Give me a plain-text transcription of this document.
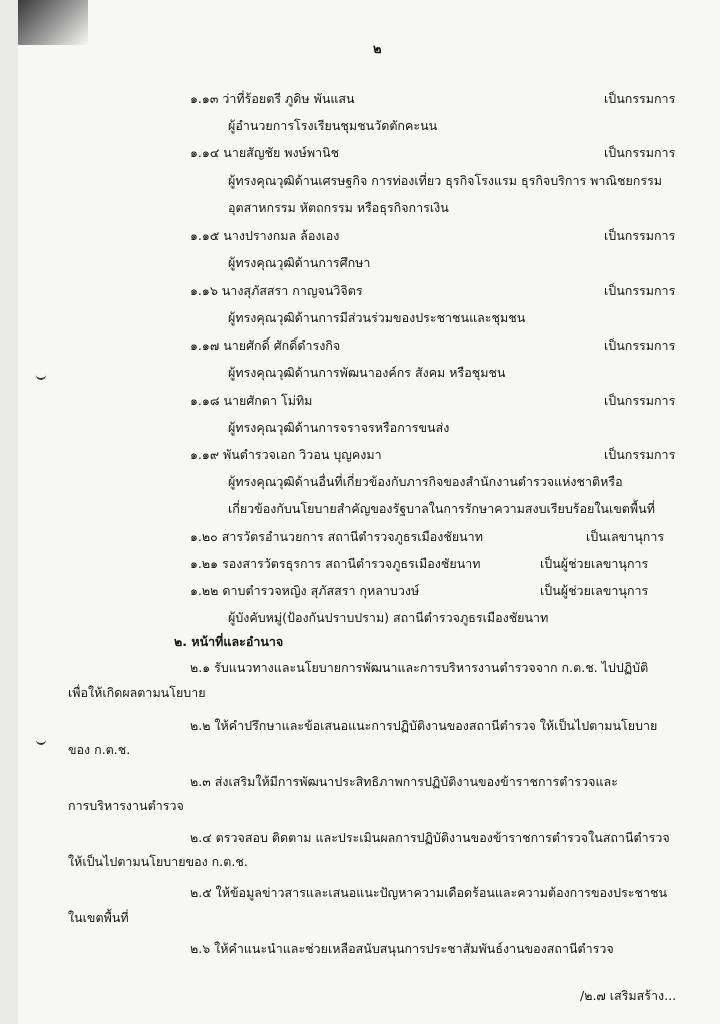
๒
๑.๑๓ ว่าที่ร้อยตรี ภูดิษ พันแสน	เป็นกรรมการ
ผู้อำนวยการโรงเรียนชุมชนวัดตักคะนน
๑.๑๔ นายสัญชัย พงษ์พานิช	เป็นกรรมการ
ผู้ทรงคุณวุฒิด้านเศรษฐกิจ การท่องเที่ยว ธุรกิจโรงแรม ธุรกิจบริการ พาณิชยกรรม
อุตสาหกรรม หัตถกรรม หรือธุรกิจการเงิน
๑.๑๕ นางปรางกมล ล้องเอง	เป็นกรรมการ
ผู้ทรงคุณวุฒิด้านการศึกษา
๑.๑๖ นางสุภัสสรา กาญจนวิจิตร	เป็นกรรมการ
ผู้ทรงคุณวุฒิด้านการมีส่วนร่วมของประชาชนและชุมชน
๑.๑๗ นายศักดิ์ ศักดิ์ดำรงกิจ	เป็นกรรมการ
ผู้ทรงคุณวุฒิด้านการพัฒนาองค์กร สังคม หรือชุมชน
๑.๑๘ นายศักดา โม่ทิม	เป็นกรรมการ
ผู้ทรงคุณวุฒิด้านการจราจรหรือการขนส่ง
๑.๑๙ พันตำรวจเอก วิวอน บุญคงมา	เป็นกรรมการ
ผู้ทรงคุณวุฒิด้านอื่นที่เกี่ยวข้องกับภารกิจของสำนักงานตำรวจแห่งชาติหรือ
เกี่ยวข้องกับนโยบายสำคัญของรัฐบาลในการรักษาความสงบเรียบร้อยในเขตพื้นที่
๑.๒๐ สารวัตรอำนวยการ สถานีตำรวจภูธรเมืองชัยนาท	เป็นเลขานุการ
๑.๒๑ รองสารวัตรธุรการ สถานีตำรวจภูธรเมืองชัยนาท	เป็นผู้ช่วยเลขานุการ
๑.๒๒ ดาบตำรวจหญิง สุภัสสรา กุหลาบวงษ์	เป็นผู้ช่วยเลขานุการ
ผู้บังคับหมู่(ป้องกันปราบปราม) สถานีตำรวจภูธรเมืองชัยนาท
๒. หน้าที่และอำนาจ
๒.๑ รับแนวทางและนโยบายการพัฒนาและการบริหารงานตำรวจจาก ก.ต.ช. ไปปฏิบัติ
เพื่อให้เกิดผลตามนโยบาย
๒.๒ ให้คำปรึกษาและข้อเสนอแนะการปฏิบัติงานของสถานีตำรวจ ให้เป็นไปตามนโยบาย
ของ ก.ต.ช.
๒.๓ ส่งเสริมให้มีการพัฒนาประสิทธิภาพการปฏิบัติงานของข้าราชการตำรวจและ
การบริหารงานตำรวจ
๒.๔ ตรวจสอบ ติดตาม และประเมินผลการปฏิบัติงานของข้าราชการตำรวจในสถานีตำรวจ
ให้เป็นไปตามนโยบายของ ก.ต.ช.
๒.๕ ให้ข้อมูลข่าวสารและเสนอแนะปัญหาความเดือดร้อนและความต้องการของประชาชน
ในเขตพื้นที่
๒.๖ ให้คำแนะนำและช่วยเหลือสนับสนุนการประชาสัมพันธ์งานของสถานีตำรวจ
/๒.๗ เสริมสร้าง...
